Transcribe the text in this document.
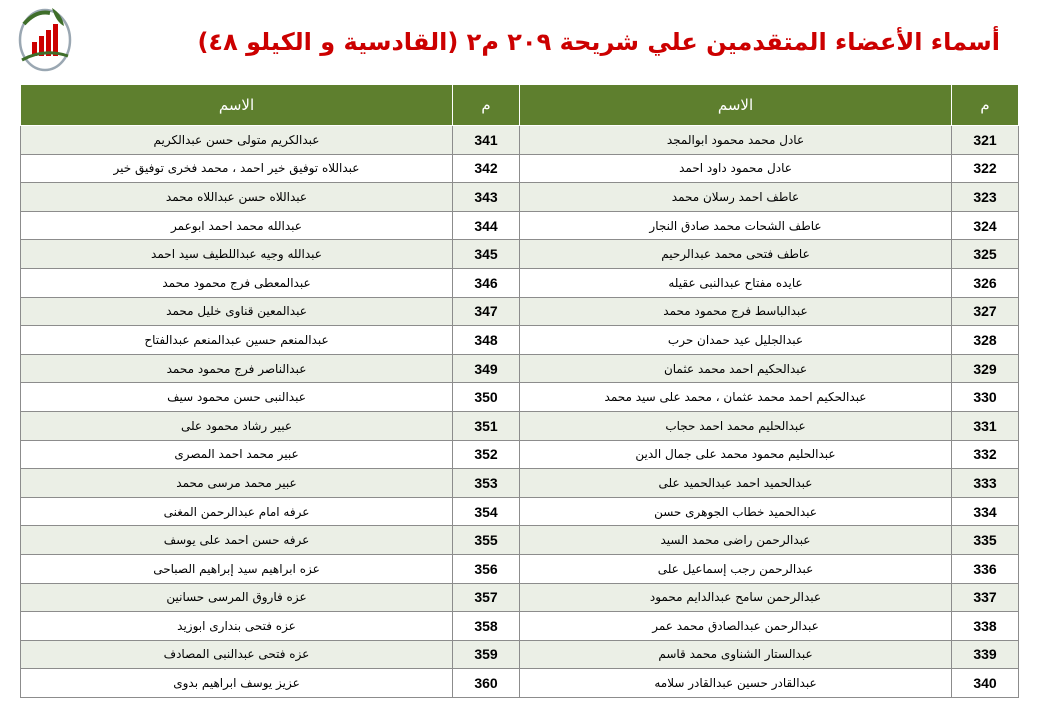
أسماء الأعضاء المتقدمين علي شريحة ٢٠٩ م٢ (القادسية و الكيلو ٤٨)
م	الاسم	م	الاسم
321	عادل محمد محمود ابوالمجد	341	عبدالكريم متولى حسن عبدالكريم
322	عادل محمود داود احمد	342	عبداللاه توفيق خير احمد ، محمد فخرى توفيق خير
323	عاطف احمد رسلان محمد	343	عبداللاه حسن عبداللاه محمد
324	عاطف الشحات محمد صادق النجار	344	عبدالله محمد احمد ابوعمر
325	عاطف فتحى محمد عبدالرحيم	345	عبدالله وجيه عبداللطيف سيد احمد
326	عايده مفتاح عبدالنبى عقيله	346	عبدالمعطى فرج محمود محمد
327	عبدالباسط فرج محمود محمد	347	عبدالمعين قناوى خليل محمد
328	عبدالجليل عيد حمدان حرب	348	عبدالمنعم حسين عبدالمنعم عبدالفتاح
329	عبدالحكيم احمد محمد عثمان	349	عبدالناصر فرج محمود محمد
330	عبدالحكيم احمد محمد عثمان ، محمد على سيد محمد	350	عبدالنبى حسن محمود سيف
331	عبدالحليم محمد احمد حجاب	351	عبير رشاد محمود على
332	عبدالحليم محمود محمد على جمال الدين	352	عبير محمد احمد المصرى
333	عبدالحميد احمد عبدالحميد على	353	عبير محمد مرسى محمد
334	عبدالحميد خطاب الجوهرى حسن	354	عرفه امام عبدالرحمن المغنى
335	عبدالرحمن راضى محمد السيد	355	عرفه حسن احمد على يوسف
336	عبدالرحمن رجب إسماعيل على	356	عزه ابراهيم سيد إبراهيم الصباحى
337	عبدالرحمن سامح عبدالدايم محمود	357	عزه فاروق المرسى حسانين
338	عبدالرحمن عبدالصادق محمد عمر	358	عزه فتحى بندارى ابوزيد
339	عبدالستار الشناوى محمد قاسم	359	عزه فتحى عبدالنبى المصادف
340	عبدالقادر حسين عبدالقادر سلامه	360	عزيز يوسف ابراهيم بدوى
